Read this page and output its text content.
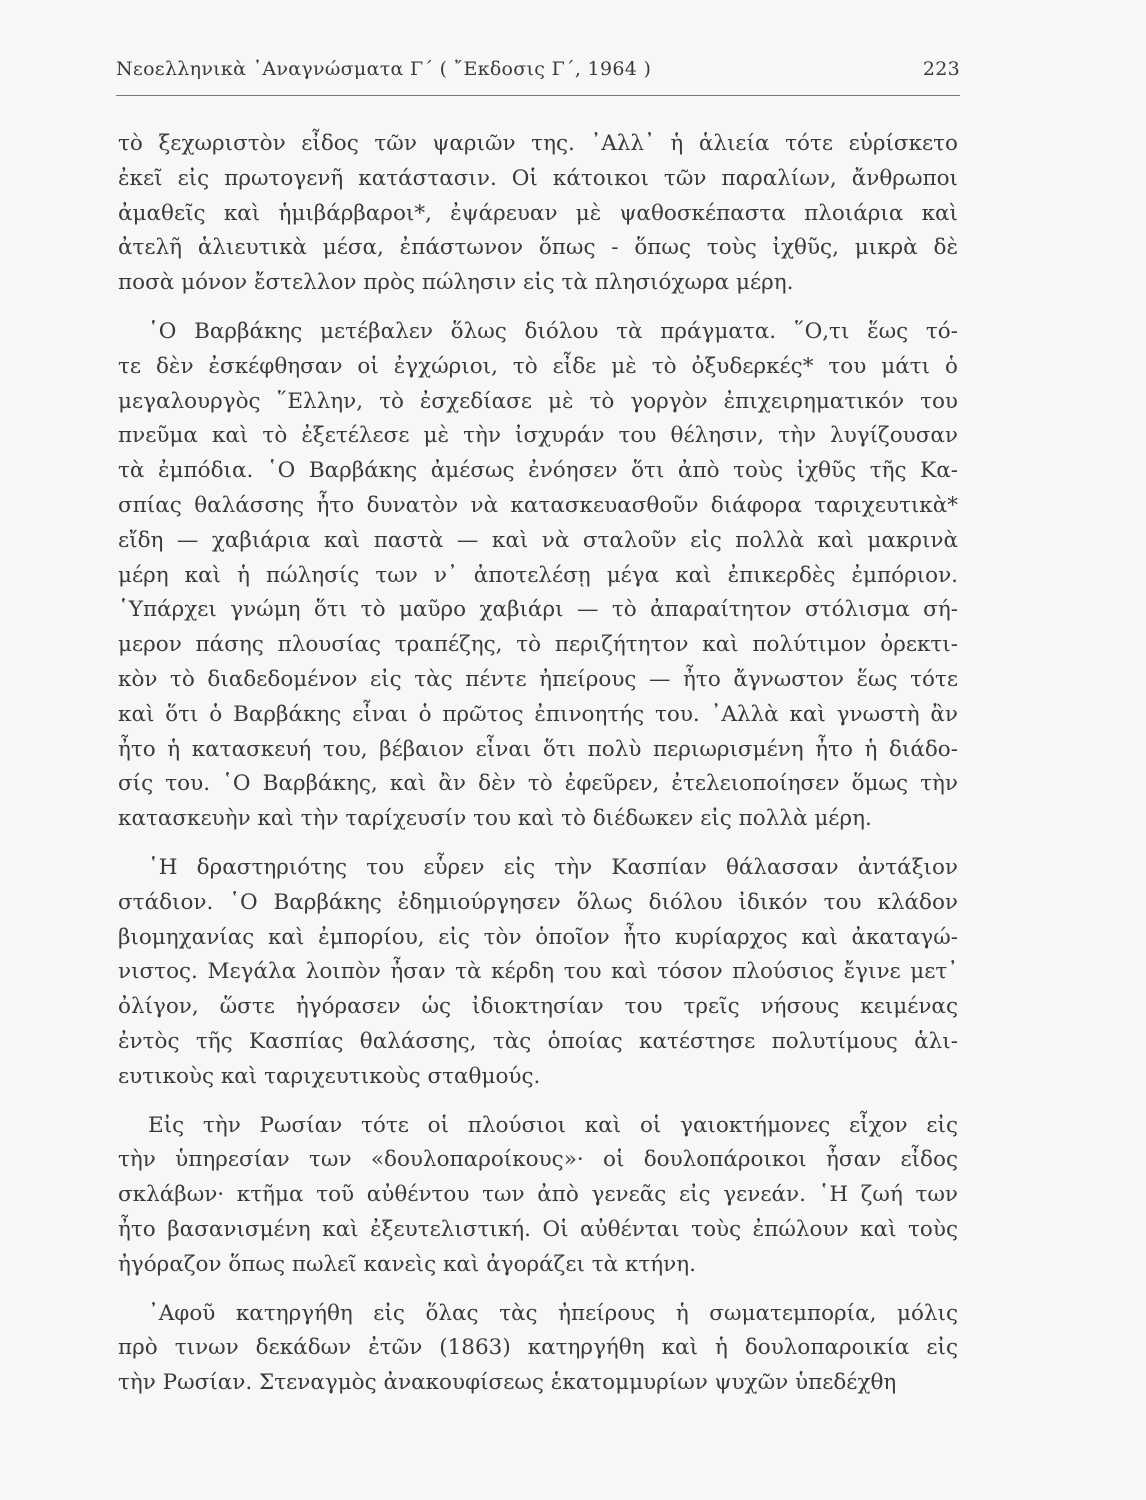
Νεοελληνικὰ ᾿Αναγνώσματα Γ´ ( ῎Εκδοσις Γ´, 1964 )	223
τὸ ξεχωριστὸν εἶδος τῶν ψαριῶν της. ᾿Αλλ᾿ ἡ ἁλιεία τότε εὑρίσκετο
ἐκεῖ εἰς πρωτογενῆ κατάστασιν. Οἱ κάτοικοι τῶν παραλίων, ἄνθρωποι
ἀμαθεῖς καὶ ἡμιβάρβαροι*, ἐψάρευαν μὲ ψαθοσκέπαστα πλοιάρια καὶ
ἀτελῆ ἁλιευτικὰ μέσα, ἐπάστωνον ὅπως - ὅπως τοὺς ἰχθῦς, μικρὰ δὲ
ποσὰ μόνον ἔστελλον πρὸς πώλησιν εἰς τὰ πλησιόχωρα μέρη.
῾Ο Βαρβάκης μετέβαλεν ὅλως διόλου τὰ πράγματα. ῞Ο,τι ἕως τό-
τε δὲν ἐσκέφθησαν οἱ ἐγχώριοι, τὸ εἶδε μὲ τὸ ὀξυδερκές* του μάτι ὁ
μεγαλουργὸς ῞Ελλην, τὸ ἐσχεδίασε μὲ τὸ γοργὸν ἐπιχειρηματικόν του
πνεῦμα καὶ τὸ ἐξετέλεσε μὲ τὴν ἰσχυράν του θέλησιν, τὴν λυγίζουσαν
τὰ ἐμπόδια. ῾Ο Βαρβάκης ἀμέσως ἐνόησεν ὅτι ἀπὸ τοὺς ἰχθῦς τῆς Κα-
σπίας θαλάσσης ἦτο δυνατὸν νὰ κατασκευασθοῦν διάφορα ταριχευτικὰ*
εἴδη — χαβιάρια καὶ παστὰ — καὶ νὰ σταλοῦν εἰς πολλὰ καὶ μακρινὰ
μέρη καὶ ἡ πώλησίς των ν᾿ ἀποτελέσῃ μέγα καὶ ἐπικερδὲς ἐμπόριον.
῾Υπάρχει γνώμη ὅτι τὸ μαῦρο χαβιάρι — τὸ ἀπαραίτητον στόλισμα σή-
μερον πάσης πλουσίας τραπέζης, τὸ περιζήτητον καὶ πολύτιμον ὀρεκτι-
κὸν τὸ διαδεδομένον εἰς τὰς πέντε ἠπείρους — ἦτο ἄγνωστον ἕως τότε
καὶ ὅτι ὁ Βαρβάκης εἶναι ὁ πρῶτος ἐπινοητής του. ᾿Αλλὰ καὶ γνωστὴ ἂν
ἦτο ἡ κατασκευή του, βέβαιον εἶναι ὅτι πολὺ περιωρισμένη ἦτο ἡ διάδο-
σίς του. ῾Ο Βαρβάκης, καὶ ἂν δὲν τὸ ἐφεῦρεν, ἐτελειοποίησεν ὅμως τὴν
κατασκευὴν καὶ τὴν ταρίχευσίν του καὶ τὸ διέδωκεν εἰς πολλὰ μέρη.
῾Η δραστηριότης του εὗρεν εἰς τὴν Κασπίαν θάλασσαν ἀντάξιον
στάδιον. ῾Ο Βαρβάκης ἐδημιούργησεν ὅλως διόλου ἰδικόν του κλάδον
βιομηχανίας καὶ ἐμπορίου, εἰς τὸν ὁποῖον ἦτο κυρίαρχος καὶ ἀκαταγώ-
νιστος. Μεγάλα λοιπὸν ἦσαν τὰ κέρδη του καὶ τόσον πλούσιος ἔγινε μετ᾿
ὀλίγον, ὥστε ἠγόρασεν ὡς ἰδιοκτησίαν του τρεῖς νήσους κειμένας
ἐντὸς τῆς Κασπίας θαλάσσης, τὰς ὁποίας κατέστησε πολυτίμους ἁλι-
ευτικοὺς καὶ ταριχευτικοὺς σταθμούς.
Εἰς τὴν Ρωσίαν τότε οἱ πλούσιοι καὶ οἱ γαιοκτήμονες εἶχον εἰς
τὴν ὑπηρεσίαν των «δουλοπαροίκους»· οἱ δουλοπάροικοι ἦσαν εἶδος
σκλάβων· κτῆμα τοῦ αὐθέντου των ἀπὸ γενεᾶς εἰς γενεάν. ῾Η ζωή των
ἦτο βασανισμένη καὶ ἐξευτελιστική. Οἱ αὐθένται τοὺς ἐπώλουν καὶ τοὺς
ἠγόραζον ὅπως πωλεῖ κανεὶς καὶ ἀγοράζει τὰ κτήνη.
᾿Αφοῦ κατηργήθη εἰς ὅλας τὰς ἠπείρους ἡ σωματεμπορία, μόλις
πρὸ τινων δεκάδων ἐτῶν (1863) κατηργήθη καὶ ἡ δουλοπαροικία εἰς
τὴν Ρωσίαν. Στεναγμὸς ἀνακουφίσεως ἑκατομμυρίων ψυχῶν ὑπεδέχθη
